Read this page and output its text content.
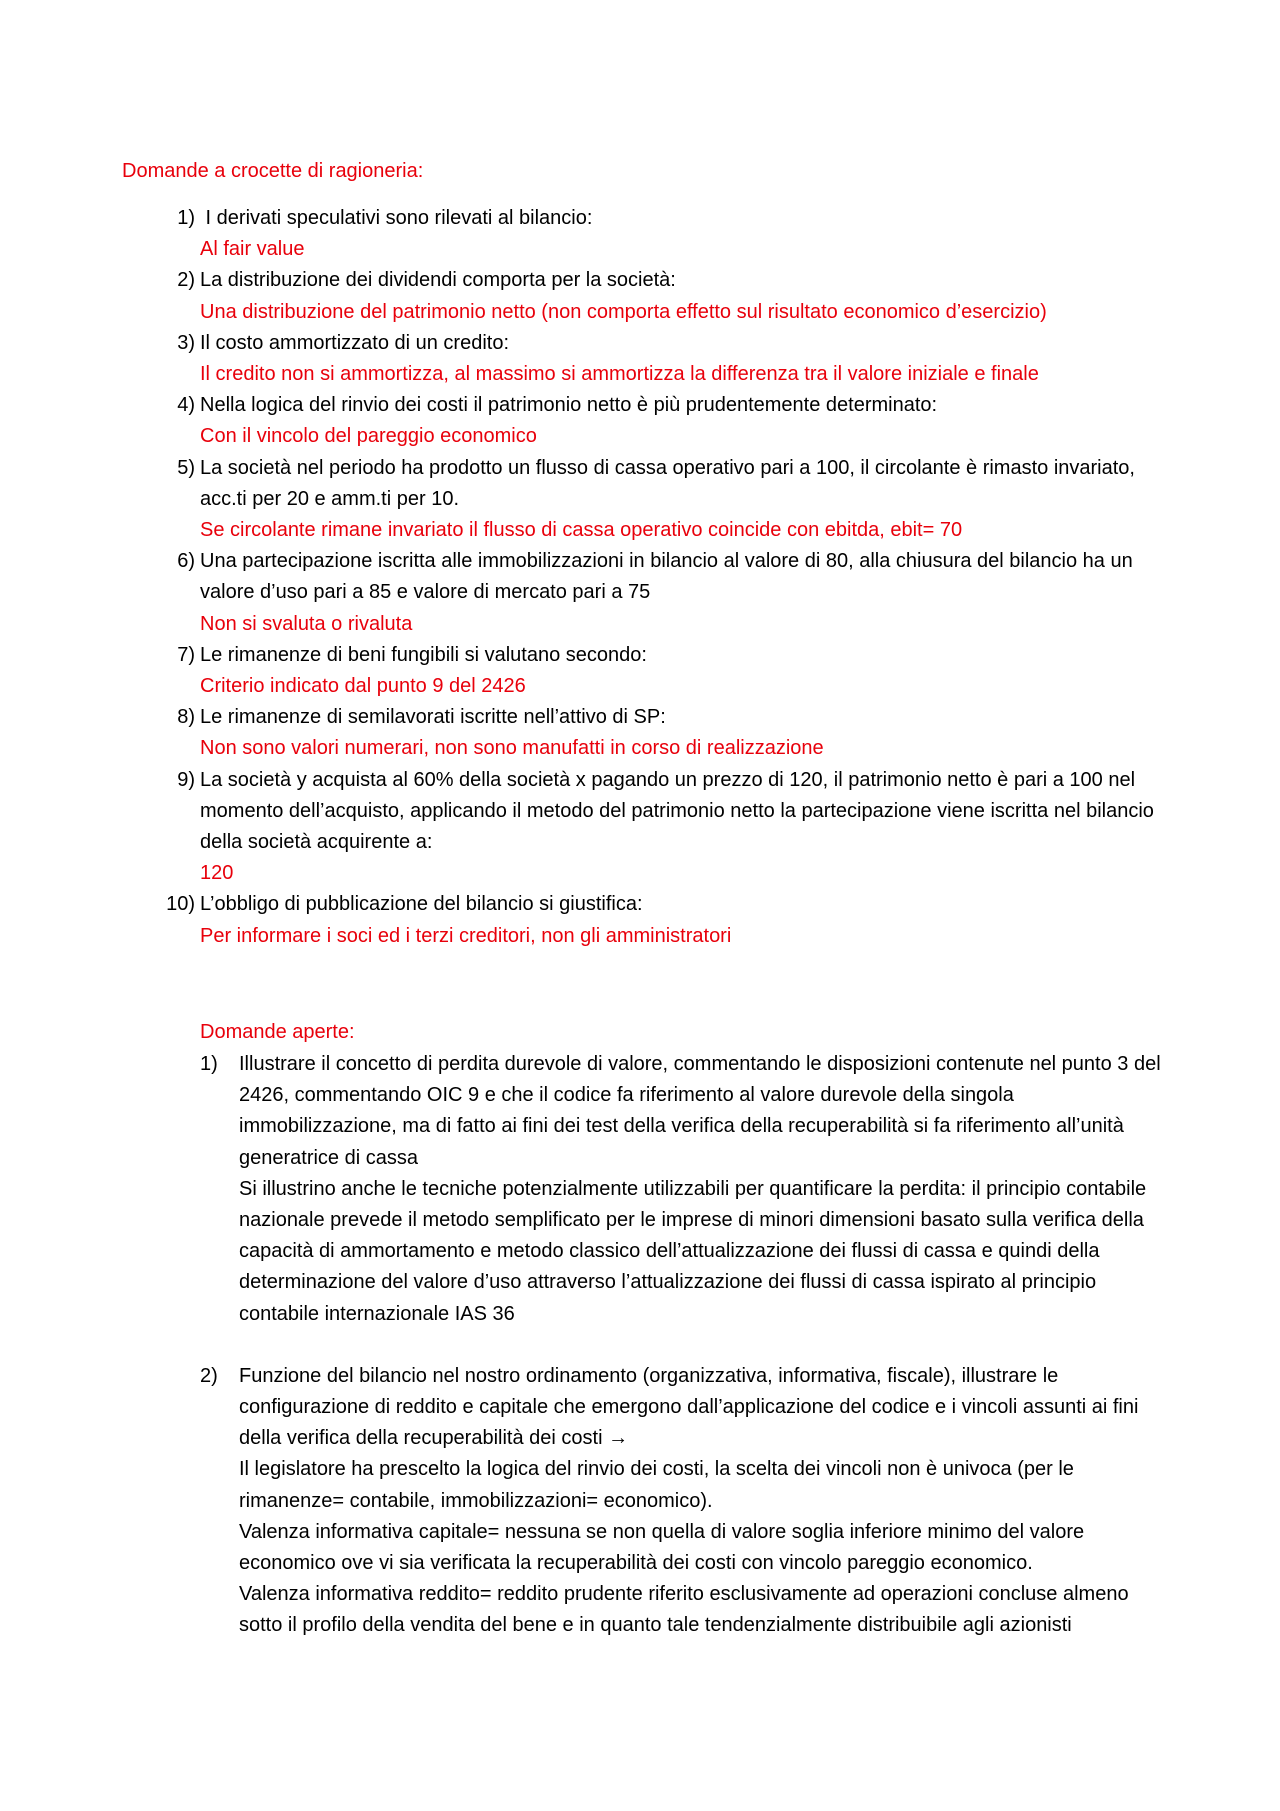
Domande a crocette di ragioneria:

1) I derivati speculativi sono rilevati al bilancio:
Al fair value
2) La distribuzione dei dividendi comporta per la società:
Una distribuzione del patrimonio netto (non comporta effetto sul risultato economico d’esercizio)
3) Il costo ammortizzato di un credito:
Il credito non si ammortizza, al massimo si ammortizza la differenza tra il valore iniziale e finale
4) Nella logica del rinvio dei costi il patrimonio netto è più prudentemente determinato:
Con il vincolo del pareggio economico
5) La società nel periodo ha prodotto un flusso di cassa operativo pari a 100, il circolante è rimasto invariato, acc.ti per 20 e amm.ti per 10.
Se circolante rimane invariato il flusso di cassa operativo coincide con ebitda, ebit= 70
6) Una partecipazione iscritta alle immobilizzazioni in bilancio al valore di 80, alla chiusura del bilancio ha un valore d’uso pari a 85 e valore di mercato pari a 75
Non si svaluta o rivaluta
7) Le rimanenze di beni fungibili si valutano secondo:
Criterio indicato dal punto 9 del 2426
8) Le rimanenze di semilavorati iscritte nell’attivo di SP:
Non sono valori numerari, non sono manufatti in corso di realizzazione
9) La società y acquista al 60% della società x pagando un prezzo di 120, il patrimonio netto è pari a 100 nel momento dell’acquisto, applicando il metodo del patrimonio netto la partecipazione viene iscritta nel bilancio della società acquirente a:
120
10) L’obbligo di pubblicazione del bilancio si giustifica:
Per informare i soci ed i terzi creditori, non gli amministratori

Domande aperte:

1) Illustrare il concetto di perdita durevole di valore, commentando le disposizioni contenute nel punto 3 del 2426, commentando OIC 9 e che il codice fa riferimento al valore durevole della singola immobilizzazione, ma di fatto ai fini dei test della verifica della recuperabilità si fa riferimento all’unità generatrice di cassa
Si illustrino anche le tecniche potenzialmente utilizzabili per quantificare la perdita: il principio contabile nazionale prevede il metodo semplificato per le imprese di minori dimensioni basato sulla verifica della capacità di ammortamento e metodo classico dell’attualizzazione dei flussi di cassa e quindi della determinazione del valore d’uso attraverso l’attualizzazione dei flussi di cassa ispirato al principio contabile internazionale IAS 36
2) Funzione del bilancio nel nostro ordinamento (organizzativa, informativa, fiscale), illustrare le configurazione di reddito e capitale che emergono dall’applicazione del codice e i vincoli assunti ai fini della verifica della recuperabilità dei costi →
Il legislatore ha prescelto la logica del rinvio dei costi, la scelta dei vincoli non è univoca (per le rimanenze= contabile, immobilizzazioni= economico).
Valenza informativa capitale= nessuna se non quella di valore soglia inferiore minimo del valore economico ove vi sia verificata la recuperabilità dei costi con vincolo pareggio economico.
Valenza informativa reddito= reddito prudente riferito esclusivamente ad operazioni concluse almeno sotto il profilo della vendita del bene e in quanto tale tendenzialmente distribuibile agli azionisti
